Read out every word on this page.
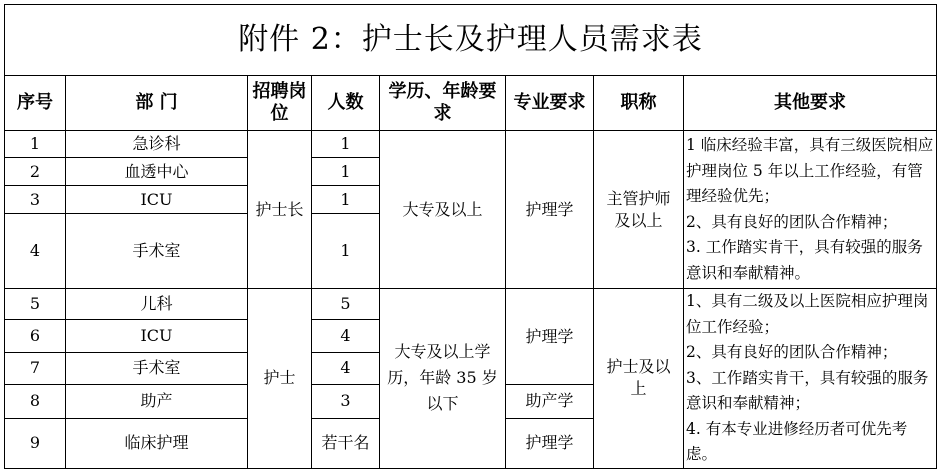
附件 2：护士长及护理人员需求表							
序号	部 门	招聘岗位	人数	学历、年龄要求	专业要求	职称	其他要求
1	急诊科	护士长	1	大专及以上	护理学	主管护师及以上	1 临床经验丰富，具有三级医院相应护理岗位 5 年以上工作经验，有管理经验优先；
2、具有良好的团队合作精神；
3. 工作踏实肯干，具有较强的服务意识和奉献精神。

2	血透中心		1				
3	ICU		1				
4	手术室		1				
5	儿科	护士	5	大专及以上学历，年龄 35 岁以下	护理学	护士及以上	1、具有二级及以上医院相应护理岗位工作经验；
2、具有良好的团队合作精神；
3、工作踏实肯干，具有较强的服务意识和奉献精神；
4. 有本专业进修经历者可优先考虑。

6	ICU		4				
7	手术室		4				
8	助产		3		助产学		
9	临床护理		若干名		护理学		
